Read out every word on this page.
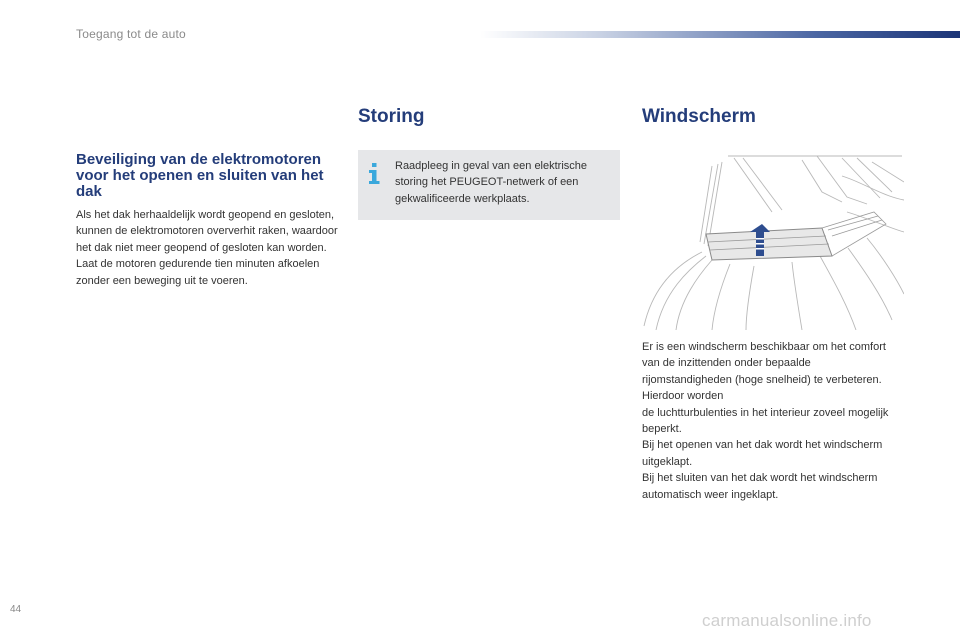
Toegang tot de auto
Storing	Windscherm
Beveiliging van de elektromotoren voor het openen en sluiten van het dak
Als het dak herhaaldelijk wordt geopend en gesloten, kunnen de elektromotoren oververhit raken, waardoor het dak niet meer geopend of gesloten kan worden. Laat de motoren gedurende tien minuten afkoelen zonder een beweging uit te voeren.
Raadpleeg in geval van een elektrische storing het PEUGEOT-netwerk of een gekwalificeerde werkplaats.
Er is een windscherm beschikbaar om het comfort van de inzittenden onder bepaalde rijomstandigheden (hoge snelheid) te verbeteren. Hierdoor worden
de luchtturbulenties in het interieur zoveel mogelijk beperkt.
Bij het openen van het dak wordt het windscherm uitgeklapt.
Bij het sluiten van het dak wordt het windscherm automatisch weer ingeklapt.
44
carmanualsonline.info
